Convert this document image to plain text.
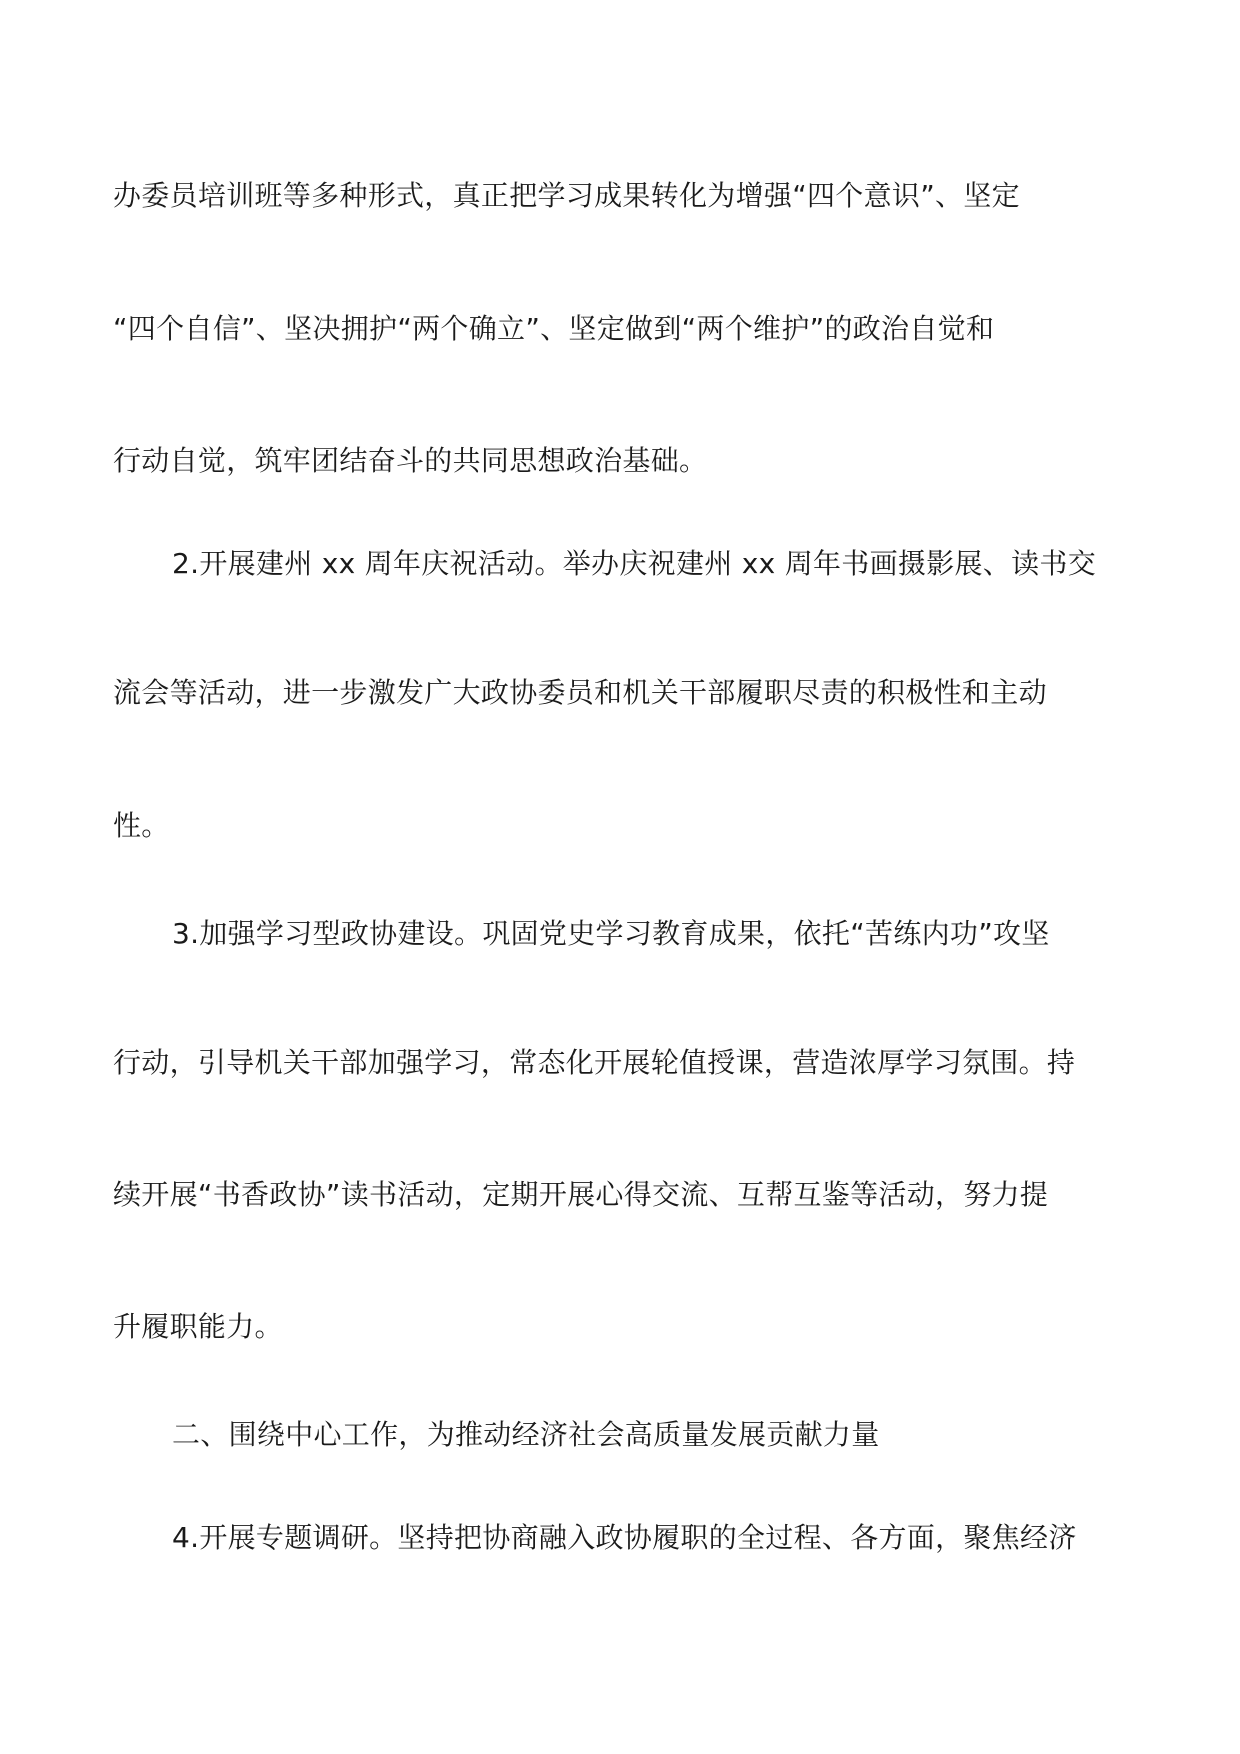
办委员培训班等多种形式，真正把学习成果转化为增强“四个意识”、坚定
“四个自信”、坚决拥护“两个确立”、坚定做到“两个维护”的政治自觉和
行动自觉，筑牢团结奋斗的共同思想政治基础。
2.开展建州 xx 周年庆祝活动。举办庆祝建州 xx 周年书画摄影展、读书交
流会等活动，进一步激发广大政协委员和机关干部履职尽责的积极性和主动
性。
3.加强学习型政协建设。巩固党史学习教育成果，依托“苦练内功”攻坚
行动，引导机关干部加强学习，常态化开展轮值授课，营造浓厚学习氛围。持
续开展“书香政协”读书活动，定期开展心得交流、互帮互鉴等活动，努力提
升履职能力。
二、围绕中心工作，为推动经济社会高质量发展贡献力量
4.开展专题调研。坚持把协商融入政协履职的全过程、各方面，聚焦经济
